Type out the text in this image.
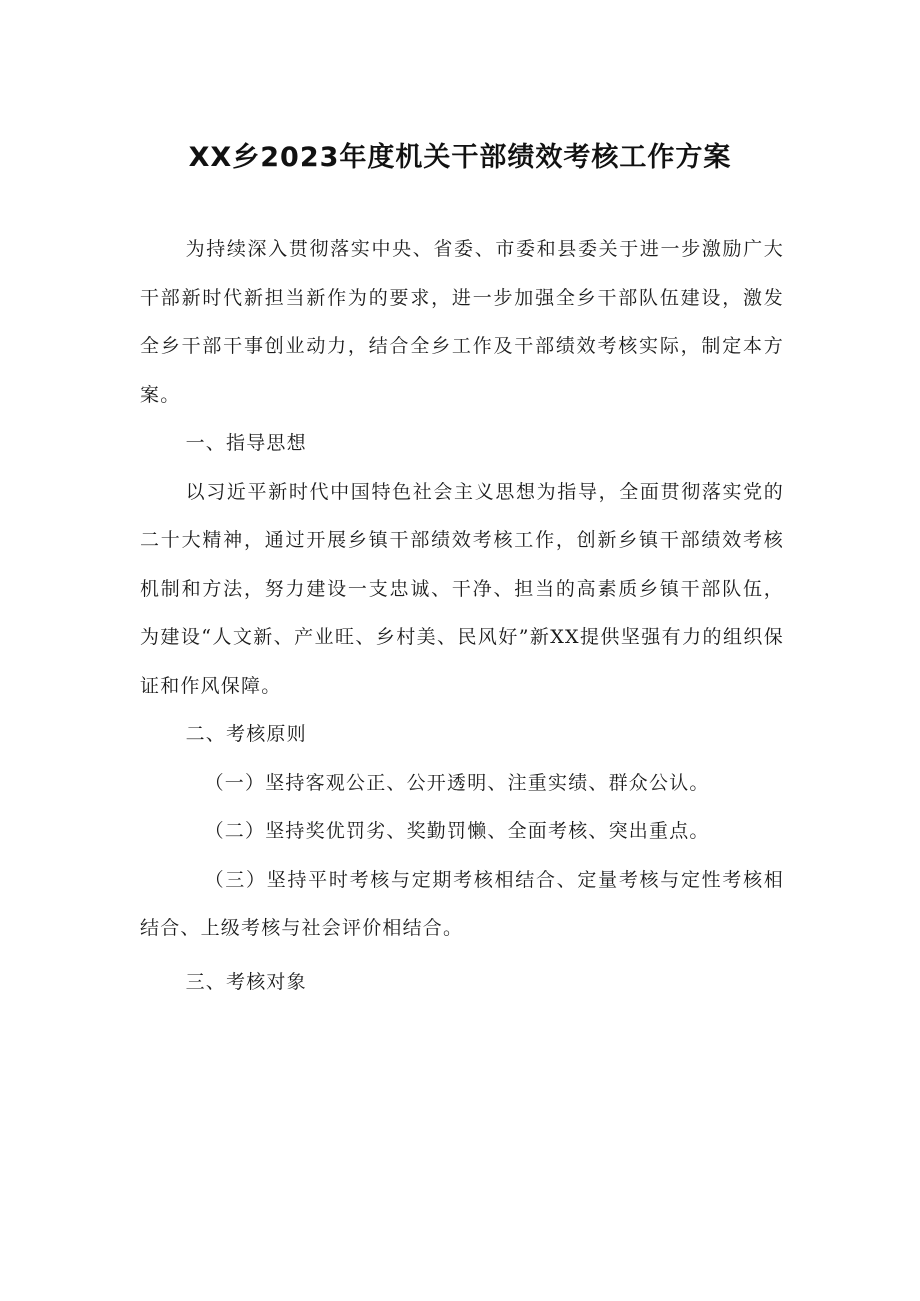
XX乡2023年度机关干部绩效考核工作方案

为持续深入贯彻落实中央、省委、市委和县委关于进一步激励广大干部新时代新担当新作为的要求，进一步加强全乡干部队伍建设，激发全乡干部干事创业动力，结合全乡工作及干部绩效考核实际，制定本方案。

一、指导思想

以习近平新时代中国特色社会主义思想为指导，全面贯彻落实党的二十大精神，通过开展乡镇干部绩效考核工作，创新乡镇干部绩效考核机制和方法，努力建设一支忠诚、干净、担当的高素质乡镇干部队伍，为建设“人文新、产业旺、乡村美、民风好”新XX提供坚强有力的组织保证和作风保障。

二、考核原则

（一）坚持客观公正、公开透明、注重实绩、群众公认。

（二）坚持奖优罚劣、奖勤罚懒、全面考核、突出重点。

（三）坚持平时考核与定期考核相结合、定量考核与定性考核相结合、上级考核与社会评价相结合。

三、考核对象
